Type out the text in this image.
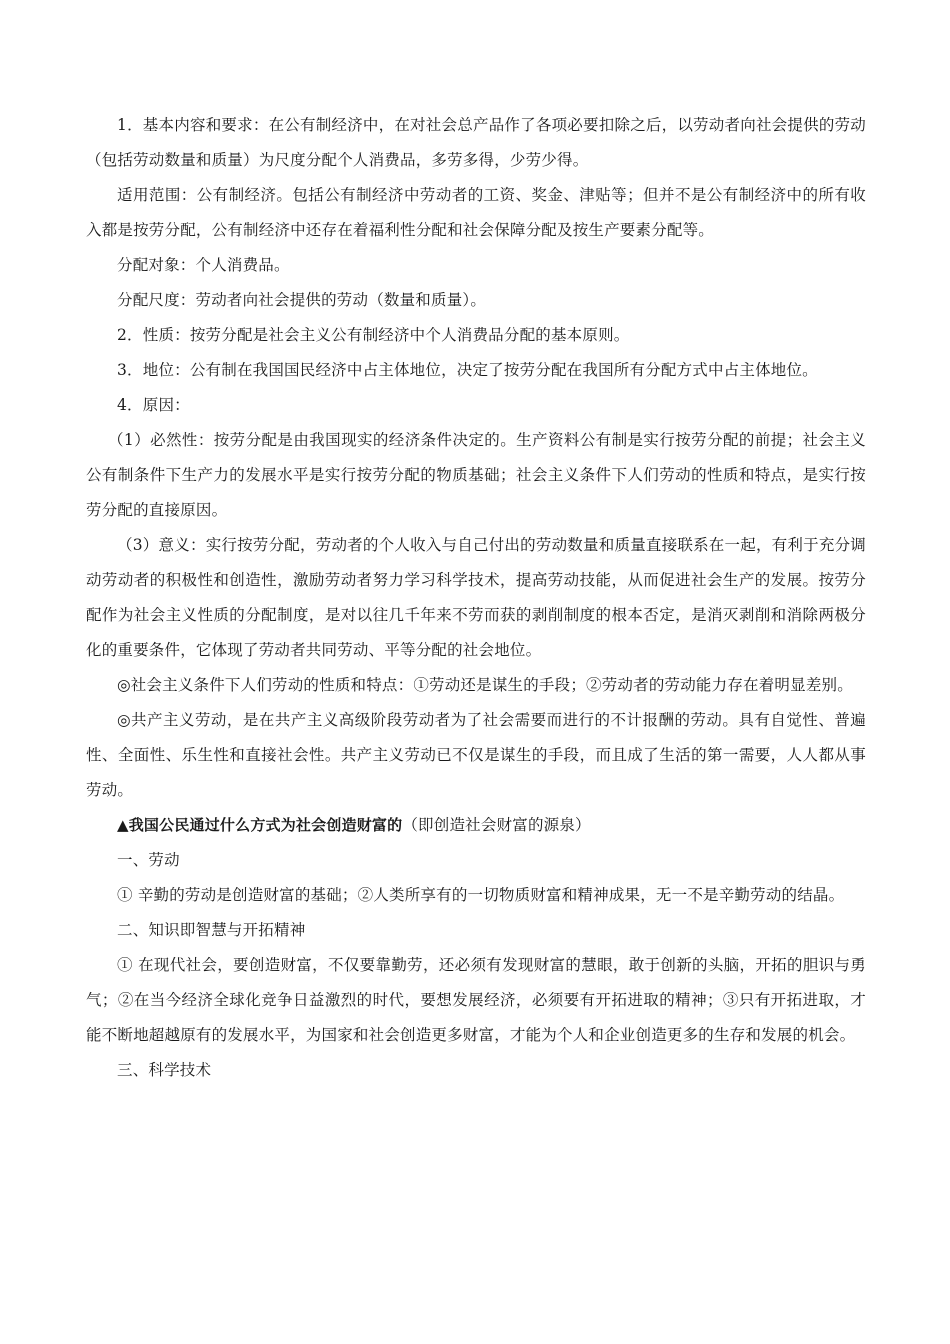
1．基本内容和要求：在公有制经济中，在对社会总产品作了各项必要扣除之后，以劳动者向社会提供的劳动（包括劳动数量和质量）为尺度分配个人消费品，多劳多得，少劳少得。

适用范围：公有制经济。包括公有制经济中劳动者的工资、奖金、津贴等；但并不是公有制经济中的所有收入都是按劳分配，公有制经济中还存在着福利性分配和社会保障分配及按生产要素分配等。

分配对象：个人消费品。

分配尺度：劳动者向社会提供的劳动（数量和质量）。

2．性质：按劳分配是社会主义公有制经济中个人消费品分配的基本原则。

3．地位：公有制在我国国民经济中占主体地位，决定了按劳分配在我国所有分配方式中占主体地位。

4．原因：

（1）必然性：按劳分配是由我国现实的经济条件决定的。生产资料公有制是实行按劳分配的前提；社会主义公有制条件下生产力的发展水平是实行按劳分配的物质基础；社会主义条件下人们劳动的性质和特点，是实行按劳分配的直接原因。

（3）意义：实行按劳分配，劳动者的个人收入与自己付出的劳动数量和质量直接联系在一起，有利于充分调动劳动者的积极性和创造性，激励劳动者努力学习科学技术，提高劳动技能，从而促进社会生产的发展。按劳分配作为社会主义性质的分配制度，是对以往几千年来不劳而获的剥削制度的根本否定，是消灭剥削和消除两极分化的重要条件，它体现了劳动者共同劳动、平等分配的社会地位。

◎社会主义条件下人们劳动的性质和特点：①劳动还是谋生的手段；②劳动者的劳动能力存在着明显差别。

◎共产主义劳动，是在共产主义高级阶段劳动者为了社会需要而进行的不计报酬的劳动。具有自觉性、普遍性、全面性、乐生性和直接社会性。共产主义劳动已不仅是谋生的手段，而且成了生活的第一需要，人人都从事劳动。

▲我国公民通过什么方式为社会创造财富的（即创造社会财富的源泉）

一、劳动

① 辛勤的劳动是创造财富的基础；②人类所享有的一切物质财富和精神成果，无一不是辛勤劳动的结晶。

二、知识即智慧与开拓精神

① 在现代社会，要创造财富，不仅要靠勤劳，还必须有发现财富的慧眼，敢于创新的头脑，开拓的胆识与勇气；②在当今经济全球化竞争日益激烈的时代，要想发展经济，必须要有开拓进取的精神；③只有开拓进取，才能不断地超越原有的发展水平，为国家和社会创造更多财富，才能为个人和企业创造更多的生存和发展的机会。

三、科学技术
